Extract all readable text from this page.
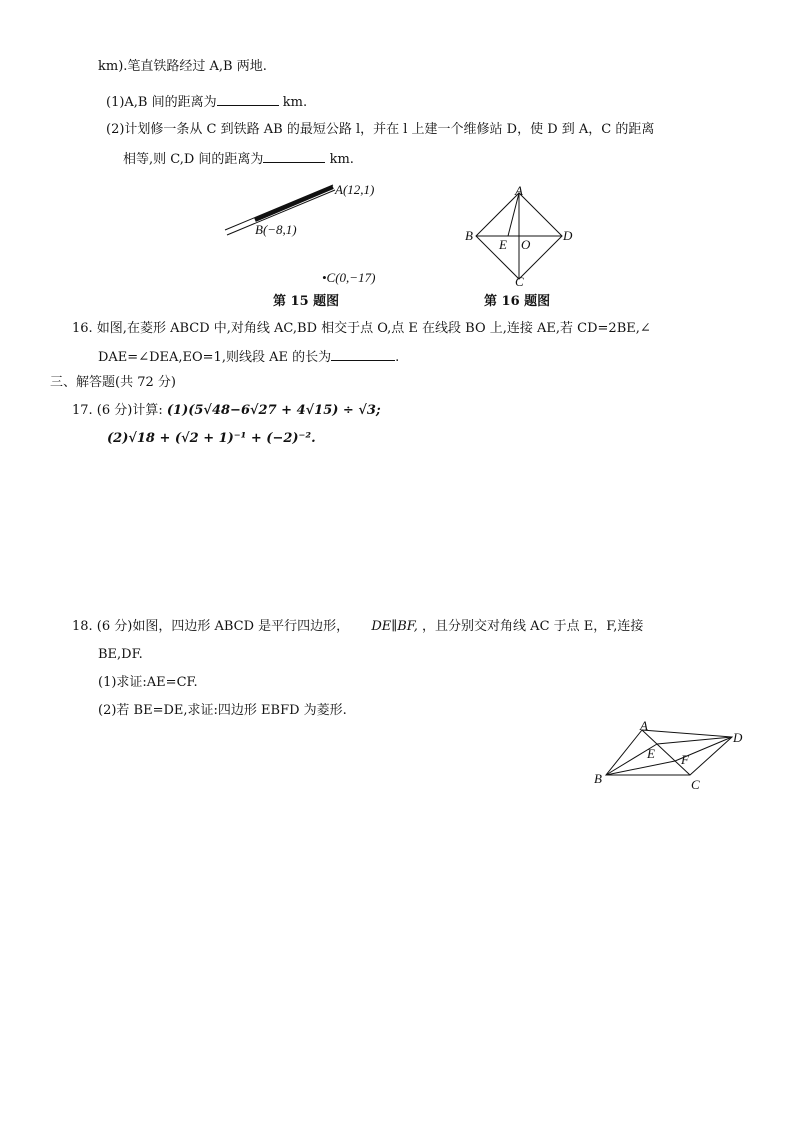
km).笔直铁路经过 A,B 两地.
(1)A,B 间的距离为	km.
(2)计划修一条从 C 到铁路 AB 的最短公路 l，并在 l 上建一个维修站 D，使 D 到 A，C 的距离
相等,则 C,D 间的距离为	km.
A(12,1)
B(−8,1)
•C(0,−17)
第 15 题图
A
B
C
D
E O
第 16 题图
16. 如图,在菱形 ABCD 中,对角线 AC,BD 相交于点 O,点 E 在线段 BO 上,连接 AE,若 CD=2BE,∠
DAE=∠DEA,EO=1,则线段 AE 的长为	.
三、解答题(共 72 分)
17. (6 分)计算: (1)(5√48−6√27 + 4√15) ÷ √3;
(2)√18 + (√2 + 1)⁻¹ + (−2)⁻².
18. (6 分)如图，四边形 ABCD 是平行四边形， DE∥BF, ，且分别交对角线 AC 于点 E，F,连接
BE,DF.
(1)求证:AE=CF.
(2)若 BE=DE,求证:四边形 EBFD 为菱形.
A
B	C
D
E F
